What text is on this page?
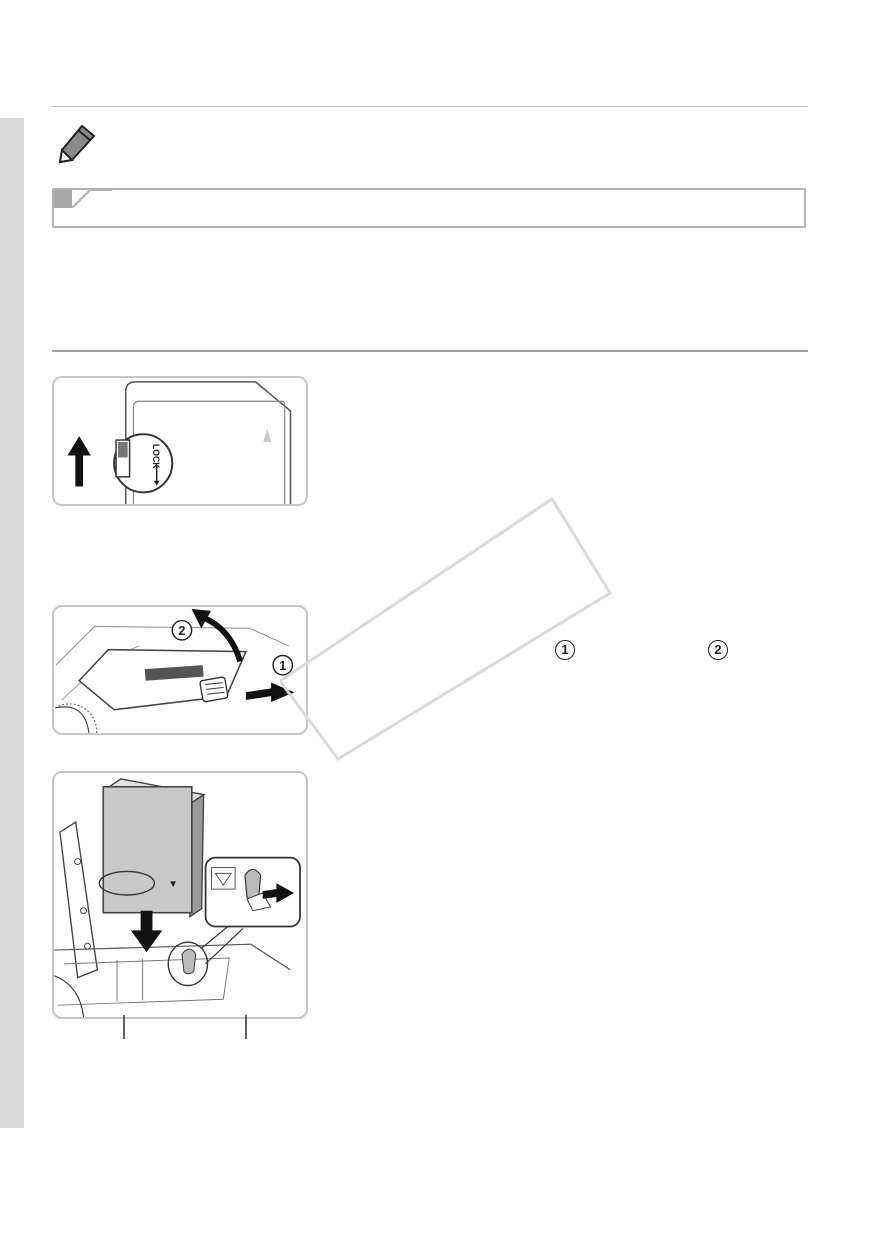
LOCK
2
1
▼
1	2
